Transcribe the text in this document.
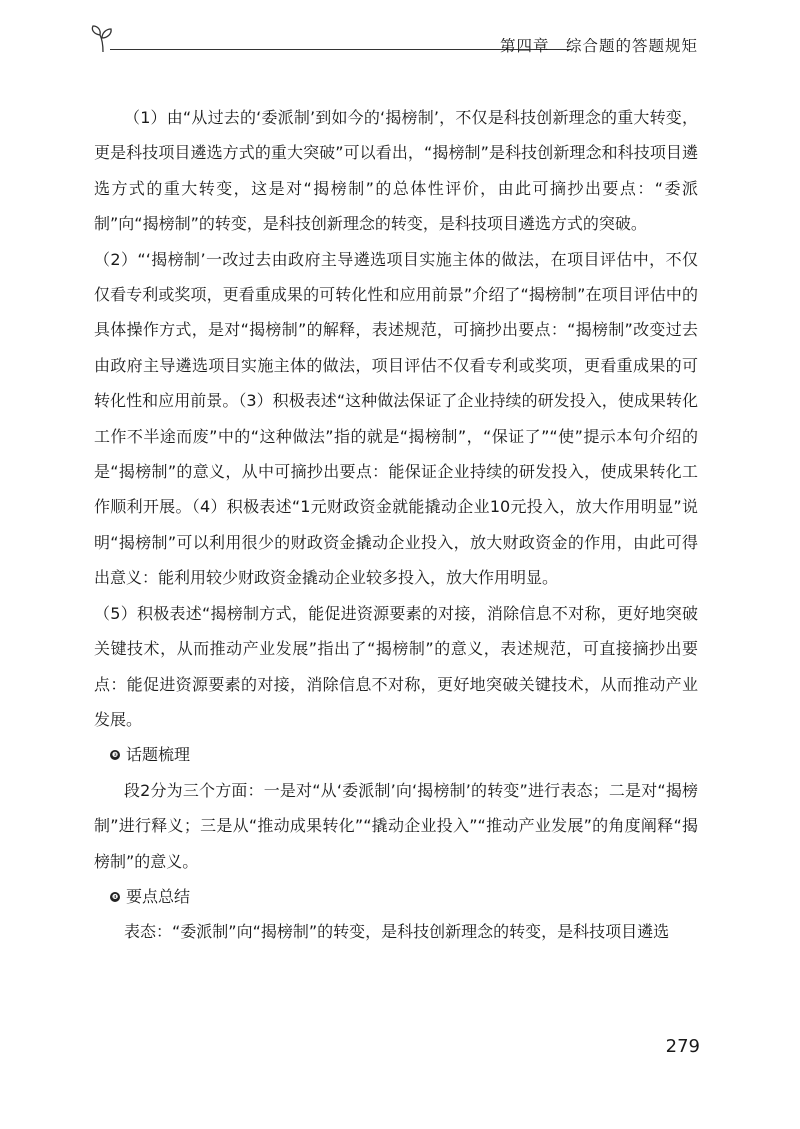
第四章　综合题的答题规矩

（1）由“从过去的‘委派制’到如今的‘揭榜制’，不仅是科技创新理念的重大转变，更是科技项目遴选方式的重大突破”可以看出，“揭榜制”是科技创新理念和科技项目遴选方式的重大转变，这是对“揭榜制”的总体性评价，由此可摘抄出要点：“委派制”向“揭榜制”的转变，是科技创新理念的转变，是科技项目遴选方式的突破。

（2）“‘揭榜制’一改过去由政府主导遴选项目实施主体的做法，在项目评估中，不仅仅看专利或奖项，更看重成果的可转化性和应用前景”介绍了“揭榜制”在项目评估中的具体操作方式，是对“揭榜制”的解释，表述规范，可摘抄出要点：“揭榜制”改变过去由政府主导遴选项目实施主体的做法，项目评估不仅看专利或奖项，更看重成果的可转化性和应用前景。（3）积极表述“这种做法保证了企业持续的研发投入，使成果转化工作不半途而废”中的“这种做法”指的就是“揭榜制”，“保证了”“使”提示本句介绍的是“揭榜制”的意义，从中可摘抄出要点：能保证企业持续的研发投入，使成果转化工作顺利开展。（4）积极表述“1元财政资金就能撬动企业10元投入，放大作用明显”说明“揭榜制”可以利用很少的财政资金撬动企业投入，放大财政资金的作用，由此可得出意义：能利用较少财政资金撬动企业较多投入，放大作用明显。

（5）积极表述“揭榜制方式，能促进资源要素的对接，消除信息不对称，更好地突破关键技术，从而推动产业发展”指出了“揭榜制”的意义，表述规范，可直接摘抄出要点：能促进资源要素的对接，消除信息不对称，更好地突破关键技术，从而推动产业发展。

❸ 话题梳理

段2分为三个方面：一是对“从‘委派制’向‘揭榜制’的转变”进行表态；二是对“揭榜制”进行释义；三是从“推动成果转化”“撬动企业投入”“推动产业发展”的角度阐释“揭榜制”的意义。

❹ 要点总结

表态：“委派制”向“揭榜制”的转变，是科技创新理念的转变，是科技项目遴选

279
